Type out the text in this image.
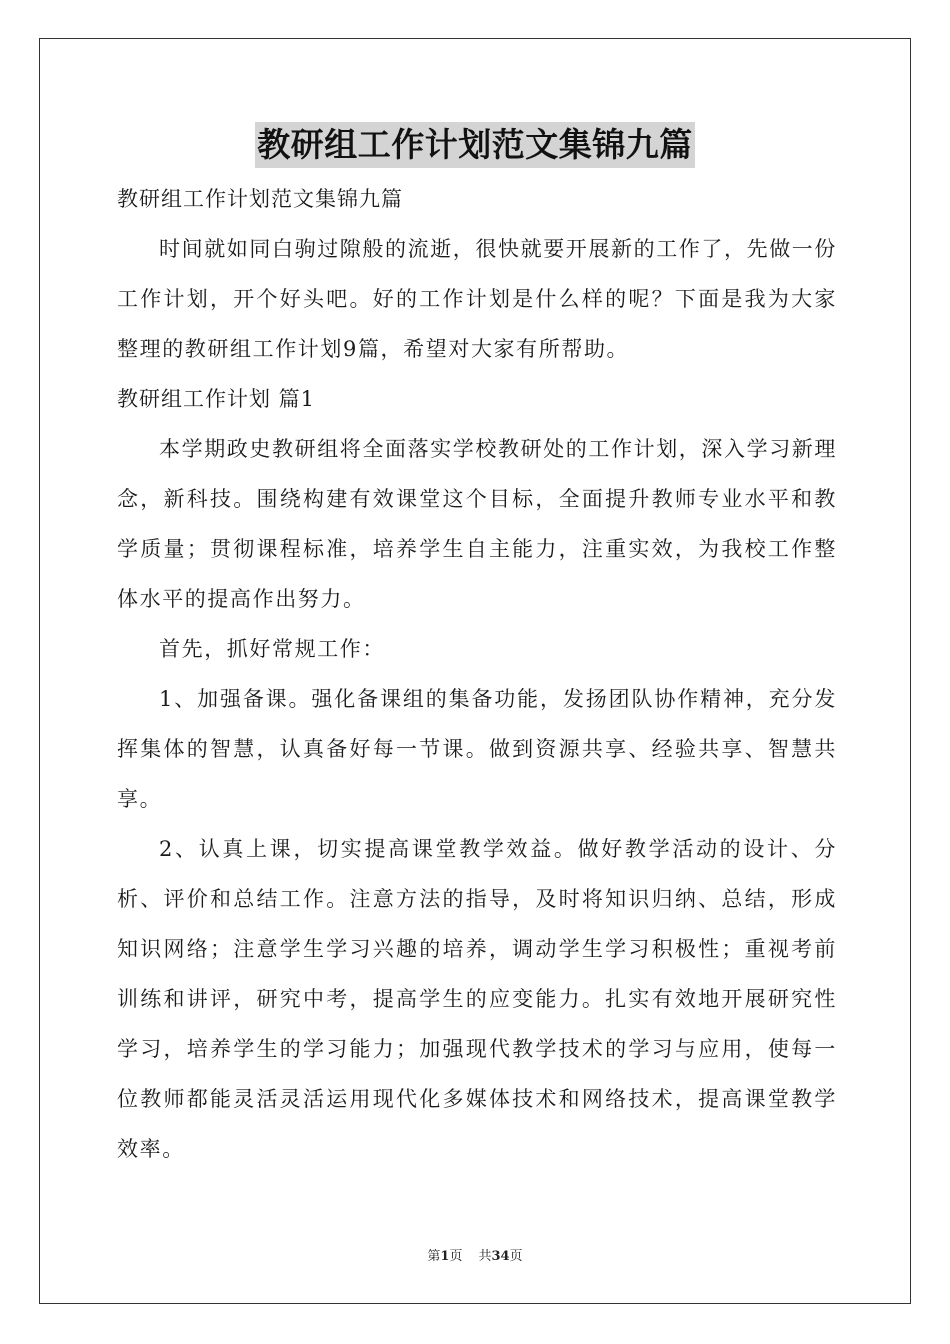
教研组工作计划范文集锦九篇

教研组工作计划范文集锦九篇

时间就如同白驹过隙般的流逝，很快就要开展新的工作了，先做一份工作计划，开个好头吧。好的工作计划是什么样的呢？下面是我为大家整理的教研组工作计划9篇，希望对大家有所帮助。

教研组工作计划 篇1

本学期政史教研组将全面落实学校教研处的工作计划，深入学习新理念，新科技。围绕构建有效课堂这个目标，全面提升教师专业水平和教学质量；贯彻课程标准，培养学生自主能力，注重实效，为我校工作整体水平的提高作出努力。

首先，抓好常规工作：

1、加强备课。强化备课组的集备功能，发扬团队协作精神，充分发挥集体的智慧，认真备好每一节课。做到资源共享、经验共享、智慧共享。

2、认真上课，切实提高课堂教学效益。做好教学活动的设计、分析、评价和总结工作。注意方法的指导，及时将知识归纳、总结，形成知识网络；注意学生学习兴趣的培养，调动学生学习积极性；重视考前训练和讲评，研究中考，提高学生的应变能力。扎实有效地开展研究性学习，培养学生的学习能力；加强现代教学技术的学习与应用，使每一位教师都能灵活灵活运用现代化多媒体技术和网络技术，提高课堂教学效率。

第1页 共34页
